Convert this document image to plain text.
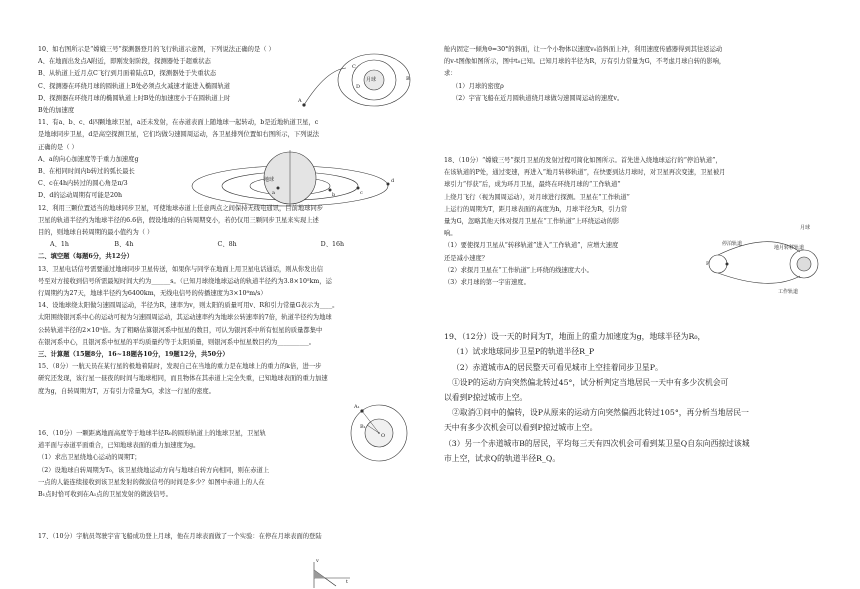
10、如右图所示是“嫦娥三号”探测器登月的飞行轨道示意图，下列说法正确的是（ ）
A、在地面出发点A附近，即刚发射阶段，探测器处于超重状态
B、从轨道上近月点C飞行到月面着陆点D，探测器处于失重状态
C、探测器在环绕月球的圆轨道上B处必须点火减速才能进入椭圆轨道
D、探测器在环绕月球的椭圆轨道上时B处的加速度小于在圆轨道上时
B处的加速度
11、有a、b、c、d四颗地球卫星，a还未发射，在赤道表面上随地球一起转动，b是近地轨道卫星，c
是地球同步卫星，d是高空探测卫星，它们均做匀速圆周运动，各卫星排列位置如右图所示，下列说法
正确的是（ ）
A、a的向心加速度等于重力加速度g
B、在相同时间内b转过的弧长最长
C、c在4h内转过的圆心角是π/3
D、d的运动周期有可能是20h
12、利用三颗位置适当的地球同步卫星，可使地球赤道上任意两点之间保持无线电通讯，目前地球同步
卫星的轨道半径约为地球半径的6.6倍，假设地球的自转周期变小，若仍仅用三颗同步卫星来实现上述
目的，则地球自转周期的最小值约为（ ）
A、1h	B、4h	C、8h	D、16h
二、填空题（每题6分，共12分）
13、卫星电话信号需要通过地球同步卫星传送，如果你与同学在地面上用卫星电话通话，则从你发出信
号至对方接收到信号所需最短时间大约为______s。（已知月球绕地球运动的轨道半径约为3.8×10⁵km，运
行周期约为27天，地球半径约为6400km，无线电信号的传播速度为3×10⁸m/s）
14、设地球绕太阳做匀速圆周运动，半径为R，速率为v，则太阳的质量可用v、R和引力常量G表示为____。
太阳围绕银河系中心的运动可视为匀速圆周运动，其运动速率约为地球公转速率的7倍，轨道半径约为地球
公转轨道半径的2×10⁹倍。为了粗略估算银河系中恒星的数目，可认为银河系中所有恒星的质量都集中
在银河系中心，且银河系中恒星的平均质量约等于太阳质量，则银河系中恒星数目约为__________。
三、计算题（15题8分，16~18题各10分，19题12分，共50分）
15、（8分）一航天员在某行星的极地着陆时，发现自己在当地的重力是在地球上的重力的k倍，进一步
研究还发现，该行星一昼夜的时间与地球相同，而且物体在其赤道上完全失重，已知地球表面的重力加速
度为g，自转周期为T，万有引力常量为G，求这一行星的密度。
16、（10分）一颗距离地面高度等于地球半径R₀的圆形轨道上的地球卫星，卫星轨
道平面与赤道平面重合，已知地球表面的重力加速度为g。
（1）求出卫星绕地心运动的周期T；
（2）设地球自转周期为T₀，该卫星绕地运动方向与地球自转方向相同，则在赤道上
一点的人能连续接收到该卫星发射的微波信号的时间是多少？如图中赤道上的人在
B₁点时恰可收到在A₁点的卫星发射的微波信号。
17、（10分）宇航员驾驶宇宙飞船成功登上月球，他在月球表面做了一个实验：在停在月球表面的登陆
舱内固定一倾角θ=30°的斜面，让一个小物体以速度v₀沿斜面上冲，利用速度传感器得到其往返运动
的v-t图像如图所示，图中t₀已知。已知月球的半径为R，万有引力常量为G，不考虑月球自转的影响，
求：
（1）月球的密度ρ
（2）宇宙飞船在近月圆轨道绕月球做匀速圆周运动的速度v。
18、（10分）“嫦娥三号”探月卫星的发射过程可简化如图所示。首先进入绕地球运行的“停泊轨道”，
在该轨道的P处，通过变速，再进入“地月转移轨道”，在快要到达月球时，对卫星再次变速，卫星被月
球引力“俘获”后，成为环月卫星，最终在环绕月球的“工作轨道”
上绕月飞行（视为圆周运动），对月球进行探测。卫星在“工作轨道”
上运行的周期为T，距月球表面的高度为h，月球半径为R，引力常
量为G，忽略其他天体对探月卫星在“工作轨道”上环绕运动的影
响。
（1）要使探月卫星从“转移轨道”进入“工作轨道”，应增大速度
还是减小速度？
（2）求探月卫星在“工作轨道”上环绕的线速度大小。
（3）求月球的第一宇宙速度。
19、（12分）设一天的时间为T，地面上的重力加速度为g，地球半径为R₀，
（1）试求地球同步卫星P的轨道半径R_P
（2）赤道城市A的居民整天可看见城市上空挂着同步卫星P。
①设P的运动方向突然偏北转过45°，试分析判定当地居民一天中有多少次机会可
以看到P掠过城市上空。
②取消①问中的偏转，设P从原来的运动方向突然偏西北转过105°，再分析当地居民一
天中有多少次机会可以看到P掠过城市上空。
（3）另一个赤道城市B的居民，平均每三天有四次机会可看到某卫星Q自东向西掠过该城
市上空，试求Q的轨道半径R_Q。
月球
A
D
C
B
地球
a	b	c
d
A₁
B₁
O
v
t
月球
停泊轨道
地月转移轨道
工作轨道
P
